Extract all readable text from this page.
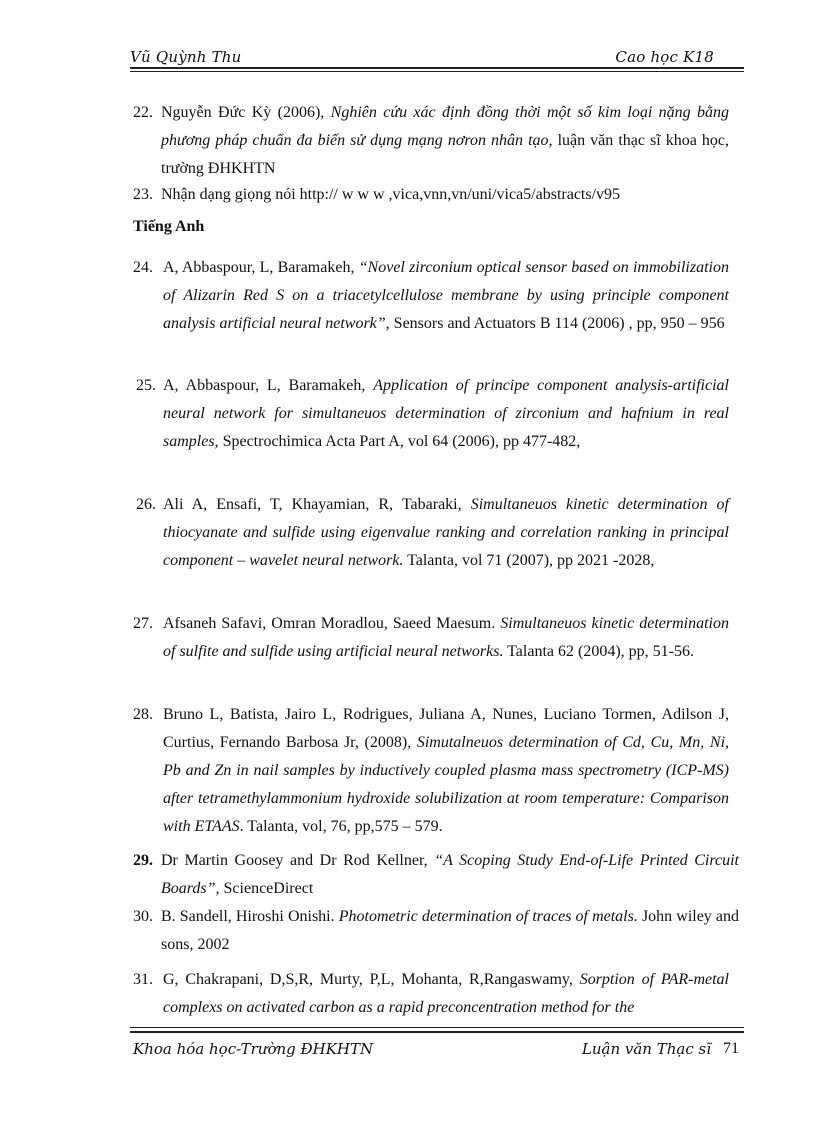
Vũ Quỳnh Thu	Cao học K18
22. Nguyễn Đức Kỳ (2006), Nghiên cứu xác định đồng thời một số kim loại nặng bằng phương pháp chuẩn đa biến sử dụng mạng nơron nhân tạo, luận văn thạc sĩ khoa học, trường ĐHKHTN
23. Nhận dạng giọng nói http:// w w w ,vica,vnn,vn/uni/vica5/abstracts/v95
Tiếng Anh
24. A, Abbaspour, L, Baramakeh, “Novel zirconium optical sensor based on immobilization of Alizarin Red S on a triacetylcellulose membrane by using principle component analysis artificial neural network”, Sensors and Actuators B 114 (2006) , pp, 950 – 956
25. A, Abbaspour, L, Baramakeh, Application of principe component analysis-artificial neural network for simultaneuos determination of zirconium and hafnium in real samples, Spectrochimica Acta Part A, vol 64 (2006), pp 477-482,
26. Ali A, Ensafi, T, Khayamian, R, Tabaraki, Simultaneuos kinetic determination of thiocyanate and sulfide using eigenvalue ranking and correlation ranking in principal component – wavelet neural network. Talanta, vol 71 (2007), pp 2021 -2028,
27. Afsaneh Safavi, Omran Moradlou, Saeed Maesum. Simultaneuos kinetic determination of sulfite and sulfide using artificial neural networks. Talanta 62 (2004), pp, 51-56.
28. Bruno L, Batista, Jairo L, Rodrigues, Juliana A, Nunes, Luciano Tormen, Adilson J, Curtius, Fernando Barbosa Jr, (2008), Simutalneuos determination of Cd, Cu, Mn, Ni, Pb and Zn in nail samples by inductively coupled plasma mass spectrometry (ICP-MS) after tetramethylammonium hydroxide solubilization at room temperature: Comparison with ETAAS. Talanta, vol, 76, pp,575 – 579.
29. Dr Martin Goosey and Dr Rod Kellner, “A Scoping Study End-of-Life Printed Circuit Boards”, ScienceDirect
30. B. Sandell, Hiroshi Onishi. Photometric determination of traces of metals. John wiley and sons, 2002
31. G, Chakrapani, D,S,R, Murty, P,L, Mohanta, R,Rangaswamy, Sorption of PAR-metal complexs on activated carbon as a rapid preconcentration method for the
Khoa hóa học-Trường ĐHKHTN	Luận văn Thạc sĩ 71
